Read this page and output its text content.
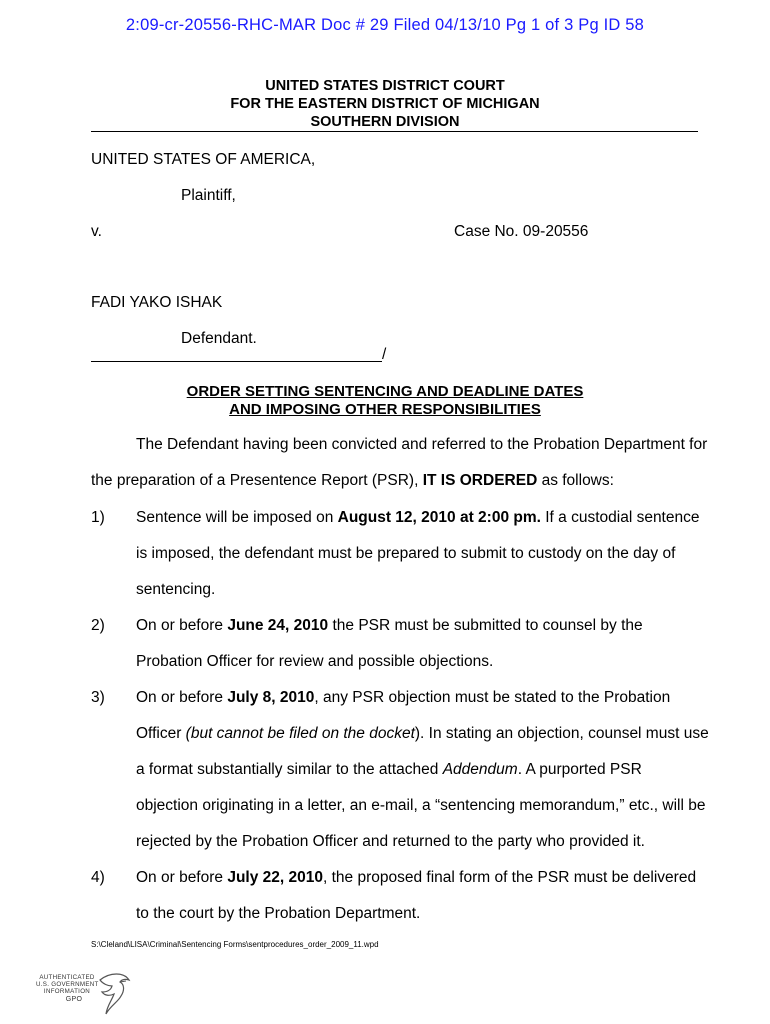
2:09-cr-20556-RHC-MAR Doc # 29 Filed 04/13/10 Pg 1 of 3 Pg ID 58
UNITED STATES DISTRICT COURT
FOR THE EASTERN DISTRICT OF MICHIGAN
SOUTHERN DIVISION
UNITED STATES OF AMERICA,
Plaintiff,
v.	Case No. 09-20556
FADI YAKO ISHAK
Defendant.
/
ORDER SETTING SENTENCING AND DEADLINE DATES
AND IMPOSING OTHER RESPONSIBILITIES
The Defendant having been convicted and referred to the Probation Department for
the preparation of a Presentence Report (PSR), IT IS ORDERED as follows:
1) Sentence will be imposed on August 12, 2010 at 2:00 pm. If a custodial sentence
is imposed, the defendant must be prepared to submit to custody on the day of
sentencing.
2) On or before June 24, 2010 the PSR must be submitted to counsel by the
Probation Officer for review and possible objections.
3) On or before July 8, 2010, any PSR objection must be stated to the Probation
Officer (but cannot be filed on the docket). In stating an objection, counsel must use
a format substantially similar to the attached Addendum. A purported PSR
objection originating in a letter, an e-mail, a “sentencing memorandum,” etc., will be
rejected by the Probation Officer and returned to the party who provided it.
4) On or before July 22, 2010, the proposed final form of the PSR must be delivered
to the court by the Probation Department.
S:\Cleland\LISA\Criminal\Sentencing Forms\sentprocedures_order_2009_11.wpd
AUTHENTICATED
U.S. GOVERNMENT
INFORMATION
GPO
